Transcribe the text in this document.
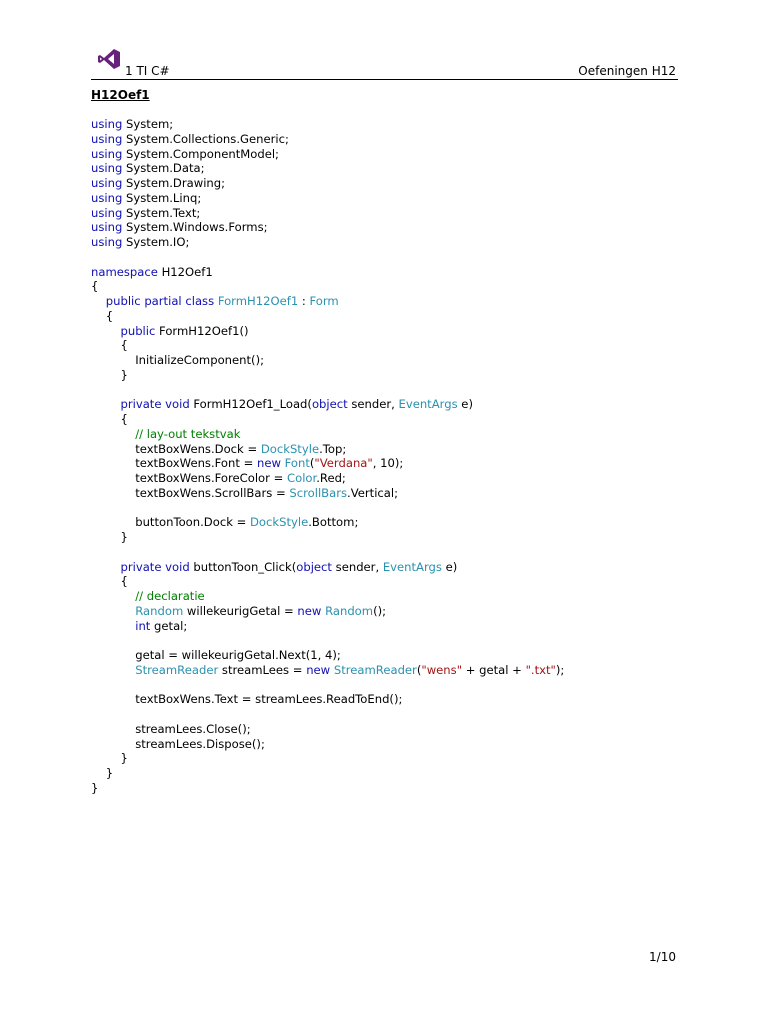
1 TI C#	Oefeningen H12
H12Oef1
using System;
using System.Collections.Generic;
using System.ComponentModel;
using System.Data;
using System.Drawing;
using System.Linq;
using System.Text;
using System.Windows.Forms;
using System.IO;
namespace H12Oef1
{
public partial class FormH12Oef1 : Form
{
public FormH12Oef1()
{
InitializeComponent();
}
private void FormH12Oef1_Load(object sender, EventArgs e)
{
// lay-out tekstvak
textBoxWens.Dock = DockStyle.Top;
textBoxWens.Font = new Font("Verdana", 10);
textBoxWens.ForeColor = Color.Red;
textBoxWens.ScrollBars = ScrollBars.Vertical;
buttonToon.Dock = DockStyle.Bottom;
}
private void buttonToon_Click(object sender, EventArgs e)
{
// declaratie
Random willekeurigGetal = new Random();
int getal;
getal = willekeurigGetal.Next(1, 4);
StreamReader streamLees = new StreamReader("wens" + getal + ".txt");
textBoxWens.Text = streamLees.ReadToEnd();
streamLees.Close();
streamLees.Dispose();
}
}
}
1/10
